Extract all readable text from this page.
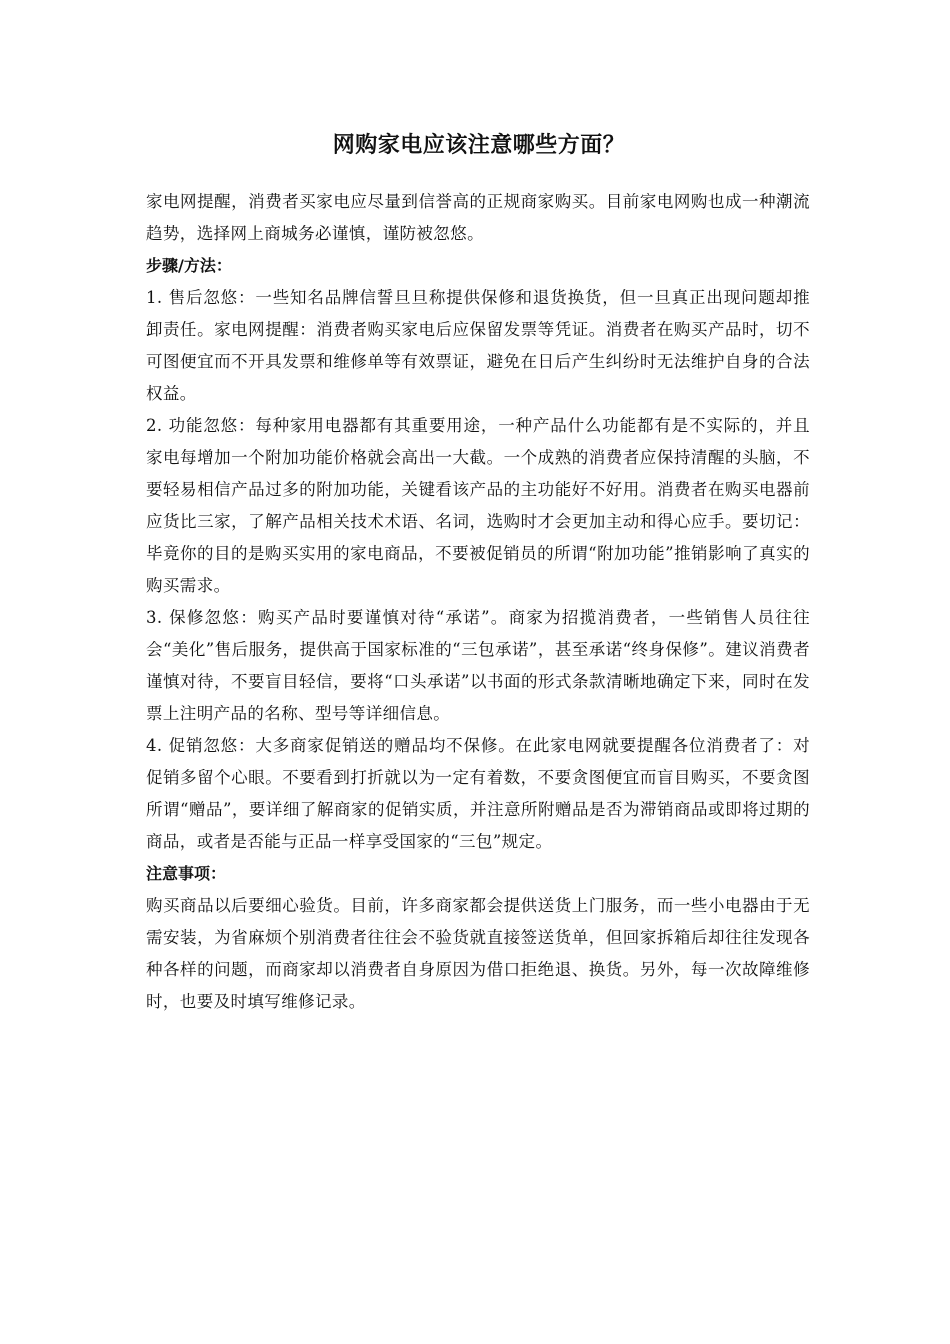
网购家电应该注意哪些方面？

家电网提醒，消费者买家电应尽量到信誉高的正规商家购买。目前家电网购也成一种潮流趋势，选择网上商城务必谨慎，谨防被忽悠。

步骤/方法：

1. 售后忽悠：一些知名品牌信誓旦旦称提供保修和退货换货，但一旦真正出现问题却推卸责任。家电网提醒：消费者购买家电后应保留发票等凭证。消费者在购买产品时，切不可图便宜而不开具发票和维修单等有效票证，避免在日后产生纠纷时无法维护自身的合法权益。

2. 功能忽悠：每种家用电器都有其重要用途，一种产品什么功能都有是不实际的，并且家电每增加一个附加功能价格就会高出一大截。一个成熟的消费者应保持清醒的头脑，不要轻易相信产品过多的附加功能，关键看该产品的主功能好不好用。消费者在购买电器前应货比三家，了解产品相关技术术语、名词，选购时才会更加主动和得心应手。要切记：毕竟你的目的是购买实用的家电商品，不要被促销员的所谓“附加功能”推销影响了真实的购买需求。

3. 保修忽悠：购买产品时要谨慎对待“承诺”。商家为招揽消费者，一些销售人员往往会“美化”售后服务，提供高于国家标准的“三包承诺”，甚至承诺“终身保修”。建议消费者谨慎对待，不要盲目轻信，要将“口头承诺”以书面的形式条款清晰地确定下来，同时在发票上注明产品的名称、型号等详细信息。

4. 促销忽悠：大多商家促销送的赠品均不保修。在此家电网就要提醒各位消费者了：对促销多留个心眼。不要看到打折就以为一定有着数，不要贪图便宜而盲目购买，不要贪图所谓“赠品”，要详细了解商家的促销实质，并注意所附赠品是否为滞销商品或即将过期的商品，或者是否能与正品一样享受国家的“三包”规定。

注意事项：

购买商品以后要细心验货。目前，许多商家都会提供送货上门服务，而一些小电器由于无需安装，为省麻烦个别消费者往往会不验货就直接签送货单，但回家拆箱后却往往发现各种各样的问题，而商家却以消费者自身原因为借口拒绝退、换货。另外，每一次故障维修时，也要及时填写维修记录。
